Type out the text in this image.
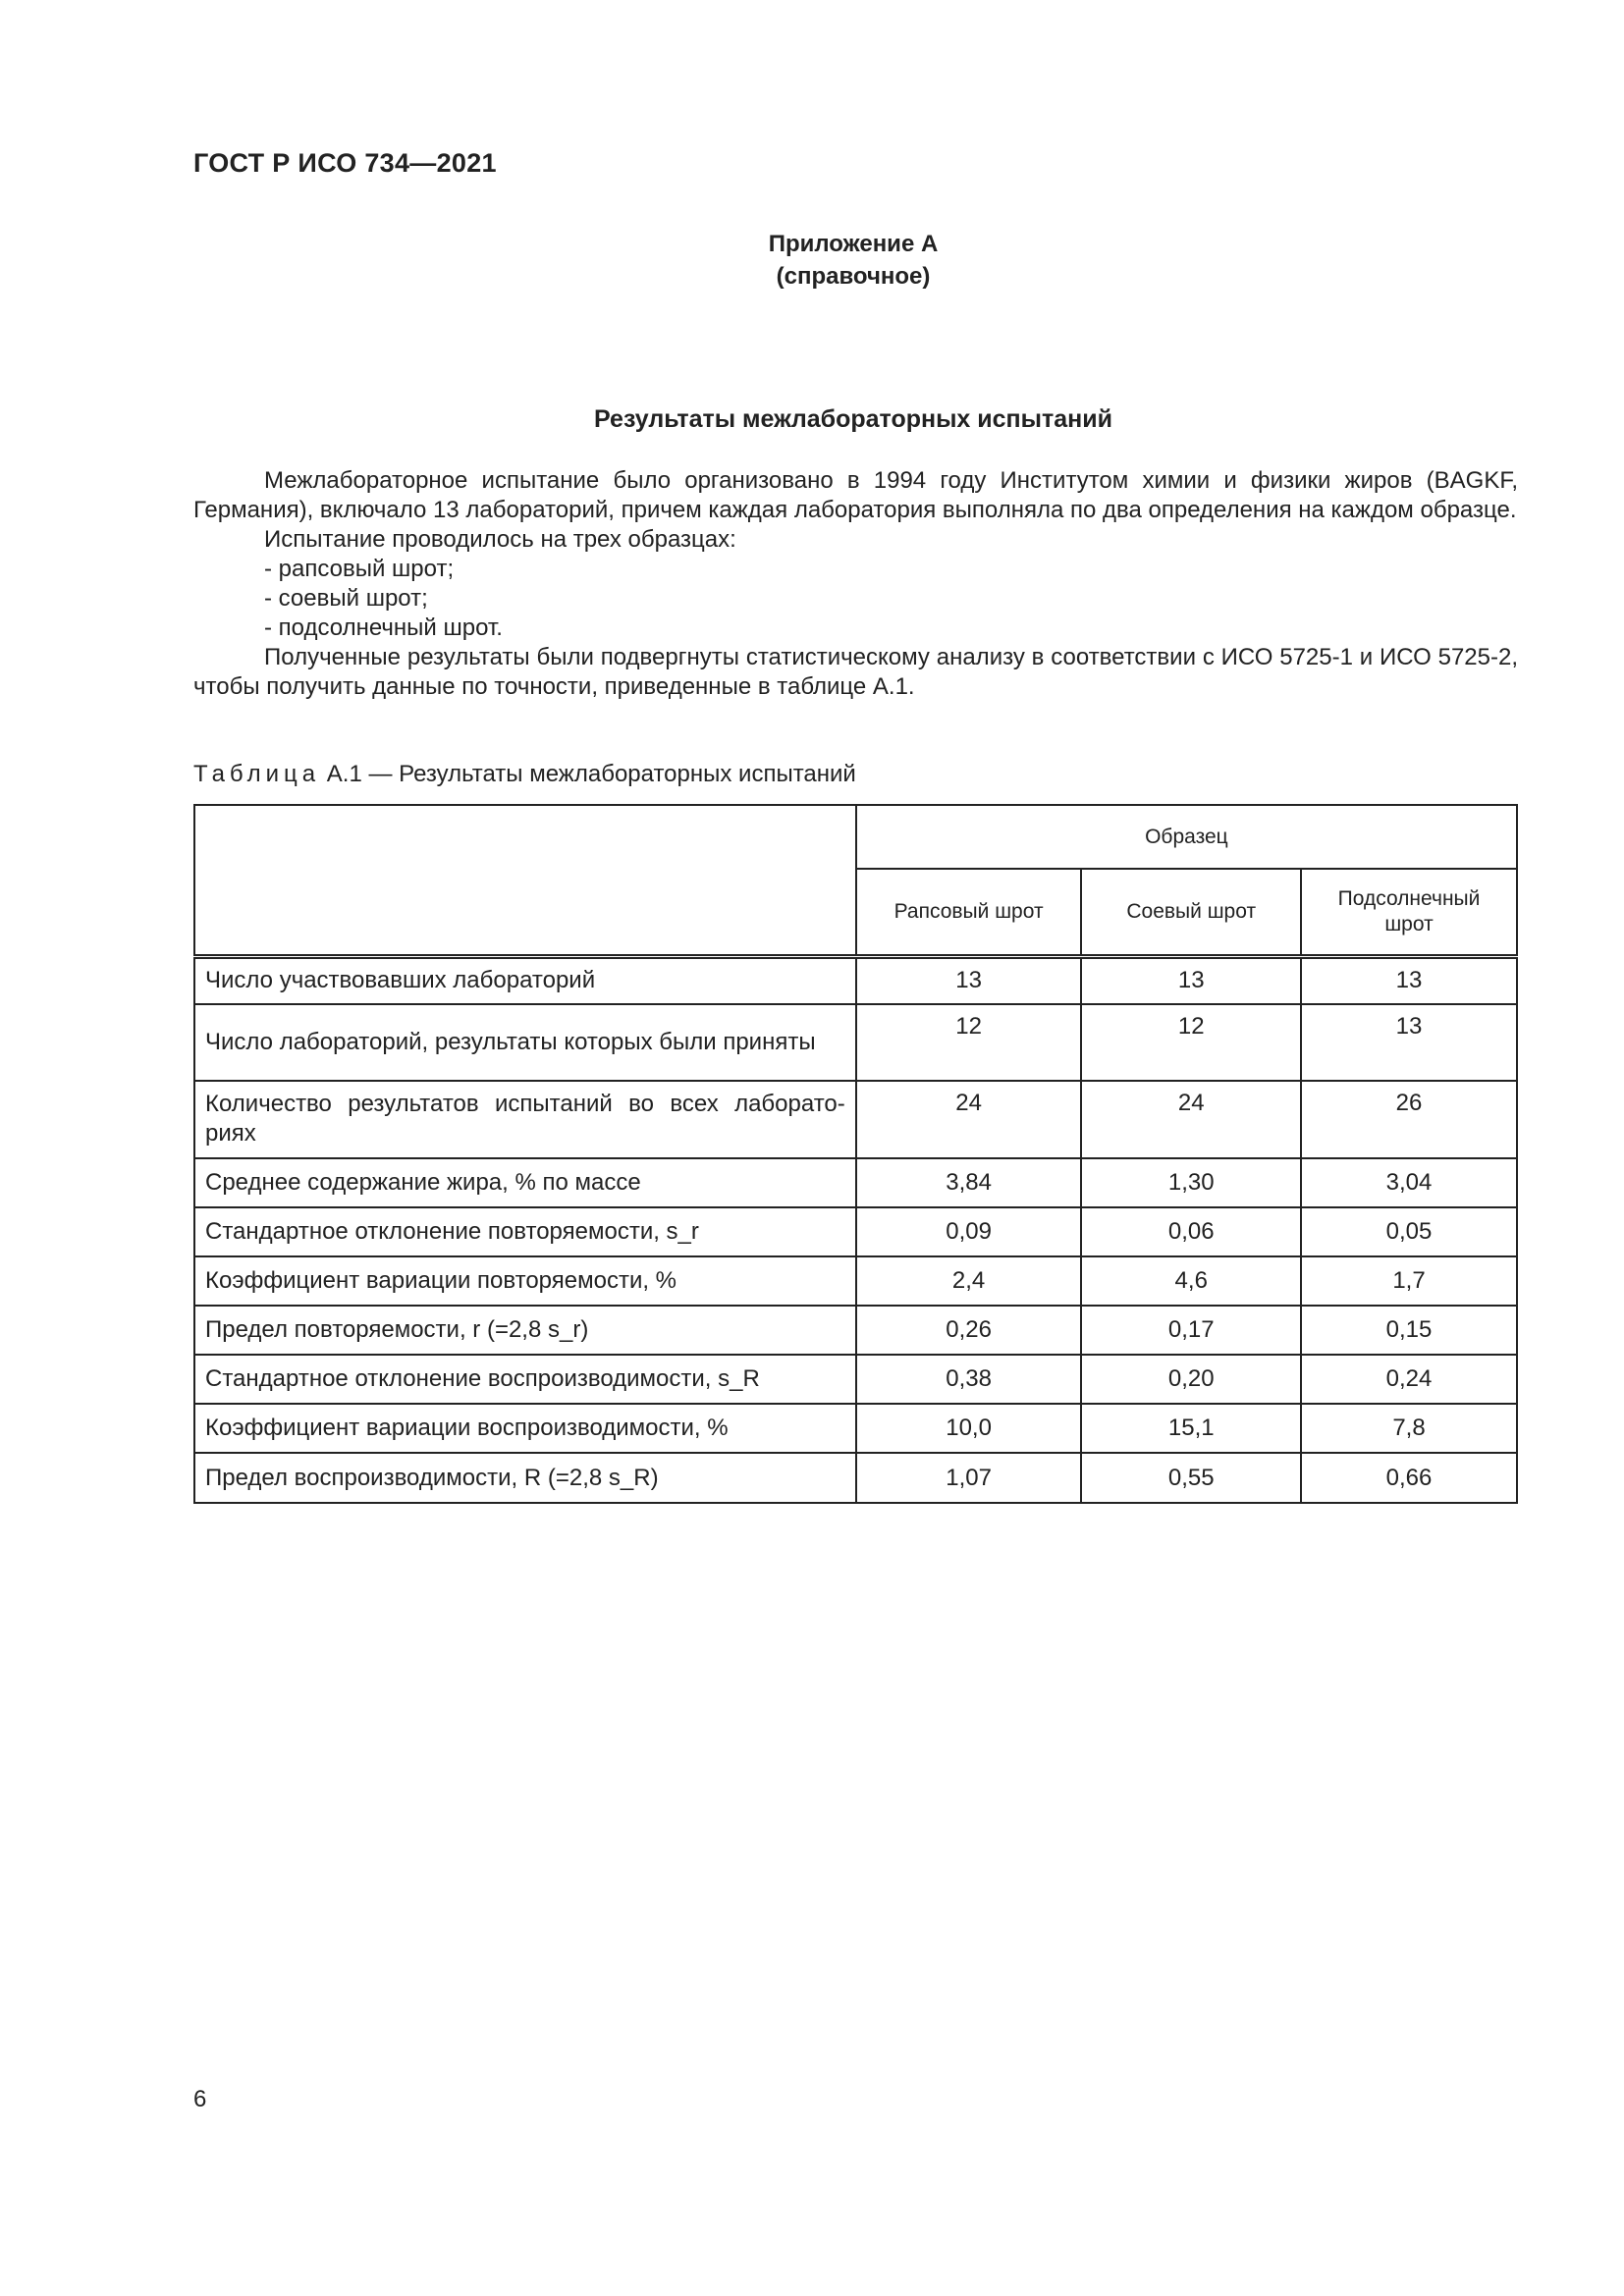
ГОСТ Р ИСО 734—2021
Приложение А
(справочное)
Результаты межлабораторных испытаний

Межлабораторное испытание было организовано в 1994 году Институтом химии и физики жиров (BAGKF, Германия), включало 13 лабораторий, причем каждая лаборатория выполняла по два определения на каждом образце.

Испытание проводилось на трех образцах:

- рапсовый шрот;

- соевый шрот;

- подсолнечный шрот.

Полученные результаты были подвергнуты статистическому анализу в соответствии с ИСО 5725-1 и ИСО 5725-2, чтобы получить данные по точности, приведенные в таблице А.1.

Таблица А.1 — Результаты межлабораторных испытаний
	Образец		
	Рапсовый шрот	Соевый шрот	Подсолнечный шрот
Число участвовавших лабораторий	13	13	13
Число лабораторий, результаты которых были приняты	12	12	13
Количество результатов испытаний во всех лаборато-риях	24	24	26
Среднее содержание жира, % по массе	3,84	1,30	3,04
Стандартное отклонение повторяемости, s_r	0,09	0,06	0,05
Коэффициент вариации повторяемости, %	2,4	4,6	1,7
Предел повторяемости, r (=2,8 s_r)	0,26	0,17	0,15
Стандартное отклонение воспроизводимости, s_R	0,38	0,20	0,24
Коэффициент вариации воспроизводимости, %	10,0	15,1	7,8
Предел воспроизводимости, R (=2,8 s_R)	1,07	0,55	0,66
6
